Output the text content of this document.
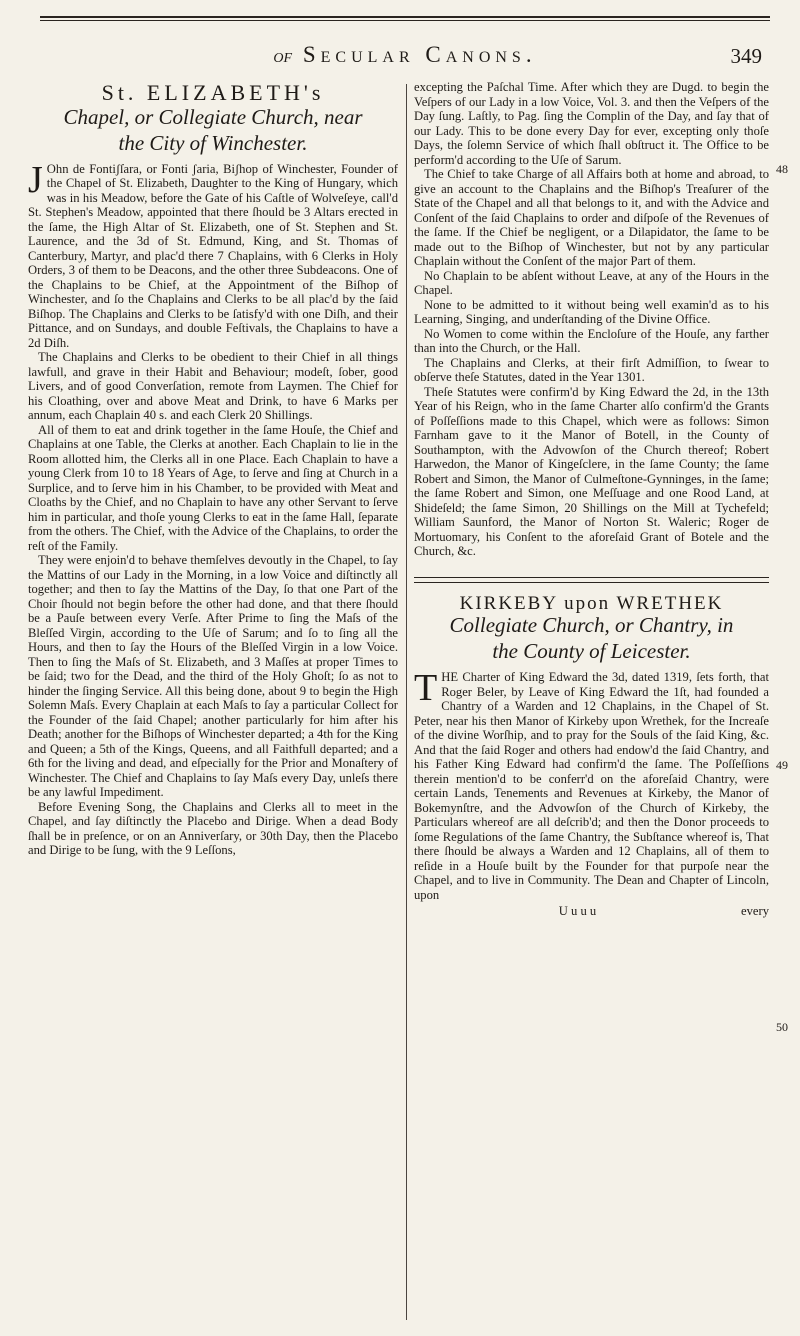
of Secular Canons.	349
St. ELIZABETH's
Chapel, or Collegiate Church, near
the City of Winchester.

J Ohn de Fontiʃſara, or Fonti ʃaria, Biʃhop of Winchester, Founder of the Chapel of St. Elizabeth, Daughter to the King of Hungary, which was in his Meadow, before the Gate of his Caſtle of Wolveſeye, call'd St. Stephen's Meadow, appointed that there ſhould be 3 Altars erected in the ſame, the High Altar of St. Elizabeth, one of St. Stephen and St. Laurence, and the 3d of St. Edmund, King, and St. Thomas of Canterbury, Martyr, and plac'd there 7 Chaplains, with 6 Clerks in Holy Orders, 3 of them to be Deacons, and the other three Subdeacons. One of the Chaplains to be Chief, at the Appointment of the Biſhop of Winchester, and ſo the Chaplains and Clerks to be all plac'd by the ſaid Biſhop. The Chaplains and Clerks to be ſatisfy'd with one Diſh, and their Pittance, and on Sundays, and double Feſtivals, the Chaplains to have a 2d Diſh.

The Chaplains and Clerks to be obedient to their Chief in all things lawfull, and grave in their Habit and Behaviour; modeſt, ſober, good Livers, and of good Converſation, remote from Laymen. The Chief for his Cloathing, over and above Meat and Drink, to have 6 Marks per annum, each Chaplain 40 s. and each Clerk 20 Shillings.

All of them to eat and drink together in the ſame Houſe, the Chief and Chaplains at one Table, the Clerks at another. Each Chaplain to lie in the Room allotted him, the Clerks all in one Place. Each Chaplain to have a young Clerk from 10 to 18 Years of Age, to ſerve and ſing at Church in a Surplice, and to ſerve him in his Chamber, to be provided with Meat and Cloaths by the Chief, and no Chaplain to have any other Servant to ſerve him in particular, and thoſe young Clerks to eat in the ſame Hall, ſeparate from the others. The Chief, with the Advice of the Chaplains, to order the reſt of the Family.

They were enjoin'd to behave themſelves devoutly in the Chapel, to ſay the Mattins of our Lady in the Morning, in a low Voice and diſtinctly all together; and then to ſay the Mattins of the Day, ſo that one Part of the Choir ſhould not begin before the other had done, and that there ſhould be a Pauſe between every Verſe. After Prime to ſing the Maſs of the Bleſſed Virgin, according to the Uſe of Sarum; and ſo to ſing all the Hours, and then to ſay the Hours of the Bleſſed Virgin in a low Voice. Then to ſing the Maſs of St. Elizabeth, and 3 Maſſes at proper Times to be ſaid; two for the Dead, and the third of the Holy Ghoſt; ſo as not to hinder the ſinging Service. All this being done, about 9 to begin the High Solemn Maſs. Every Chaplain at each Maſs to ſay a particular Collect for the Founder of the ſaid Chapel; another particularly for him after his Death; another for the Biſhops of Winchester departed; a 4th for the King and Queen; a 5th of the Kings, Queens, and all Faithfull departed; and a 6th for the living and dead, and eſpecially for the Prior and Monaſtery of Winchester. The Chief and Chaplains to ſay Maſs every Day, unleſs there be any lawful Impediment.

Before Evening Song, the Chaplains and Clerks all to meet in the Chapel, and ſay diſtinctly the Placebo and Dirige. When a dead Body ſhall be in preſence, or on an Anniverſary, or 30th Day, then the Placebo and Dirige to be ſung, with the 9 Leſſons,

excepting the Paſchal Time. After which they are Dugd. to begin the Veſpers of our Lady in a low Voice, Vol. 3. and then the Veſpers of the Day ſung. Laſtly, to Pag. ſing the Complin of the Day, and ſay that of our Lady. This to be done every Day for ever, excepting only thoſe Days, the ſolemn Service of which ſhall obſtruct it. The Office to be perform'd according to the Uſe of Sarum.

The Chief to take Charge of all Affairs both at home and abroad, to give an account to the Chaplains and the Biſhop's Treaſurer of the State of the Chapel and all that belongs to it, and with the Advice and Conſent of the ſaid Chaplains to order and diſpoſe of the Revenues of the ſame. If the Chief be negligent, or a Dilapidator, the ſame to be made out to the Biſhop of Winchester, but not by any particular Chaplain without the Conſent of the major Part of them.

No Chaplain to be abſent without Leave, at any of the Hours in the Chapel.

None to be admitted to it without being well examin'd as to his Learning, Singing, and underſtanding of the Divine Office.

No Women to come within the Encloſure of the Houſe, any farther than into the Church, or the Hall.

The Chaplains and Clerks, at their firſt Admiſſion, to ſwear to obſerve theſe Statutes, dated in the Year 1301.

Theſe Statutes were confirm'd by King Edward the 2d, in the 13th Year of his Reign, who in the ſame Charter alſo confirm'd the Grants of Poſſeſſions made to this Chapel, which were as follows: Simon Farnham gave to it the Manor of Botell, in the County of Southampton, with the Advowſon of the Church thereof; Robert Harwedon, the Manor of Kingeſclere, in the ſame County; the ſame Robert and Simon, the Manor of Culmeſtone-Gynninges, in the ſame; the ſame Robert and Simon, one Meſſuage and one Rood Land, at Shideſeld; the ſame Simon, 20 Shillings on the Mill at Tychefeld; William Saunford, the Manor of Norton St. Waleric; Roger de Mortuomary, his Conſent to the aforeſaid Grant of Botele and the Church, &c.

KIRKEBY upon WRETHEK
Collegiate Church, or Chantry, in
the County of Leicester.

THE Charter of King Edward the 3d, dated 1319, ſets forth, that Roger Beler, by Leave of King Edward the 1ſt, had founded a Chantry of a Warden and 12 Chaplains, in the Chapel of St. Peter, near his then Manor of Kirkeby upon Wrethek, for the Increaſe of the divine Worſhip, and to pray for the Souls of the ſaid King, &c. And that the ſaid Roger and others had endow'd the ſaid Chantry, and his Father King Edward had confirm'd the ſame. The Poſſeſſions therein mention'd to be conferr'd on the aforeſaid Chantry, were certain Lands, Tenements and Revenues at Kirkeby, the Manor of Bokemynſtre, and the Advowſon of the Church of Kirkeby, the Particulars whereof are all deſcrib'd; and then the Donor proceeds to ſome Regulations of the ſame Chantry, the Subſtance whereof is, That there ſhould be always a Warden and 12 Chaplains, all of them to reſide in a Houſe built by the Founder for that purpoſe near the Chapel, and to live in Community. The Dean and Chapter of Lincoln, upon

U u u u	every
48
49
50
